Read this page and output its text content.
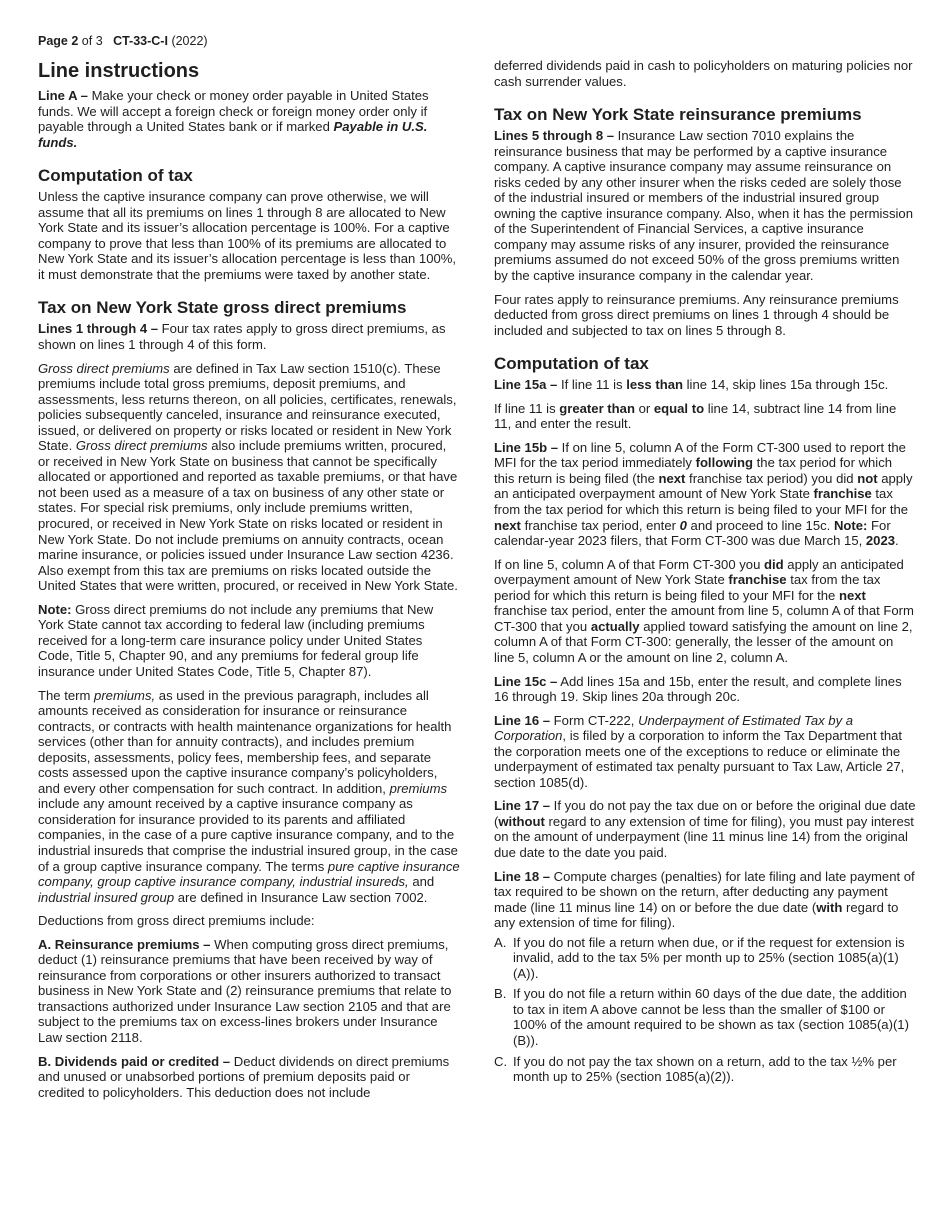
Page 2 of 3 CT-33-C-I (2022)
Line instructions

Line A – Make your check or money order payable in United States funds. We will accept a foreign check or foreign money order only if payable through a United States bank or if marked Payable in U.S. funds.

Computation of tax

Unless the captive insurance company can prove otherwise, we will assume that all its premiums on lines 1 through 8 are allocated to New York State and its issuer’s allocation percentage is 100%. For a captive company to prove that less than 100% of its premiums are allocated to New York State and its issuer’s allocation percentage is less than 100%, it must demonstrate that the premiums were taxed by another state.

Tax on New York State gross direct premiums

Lines 1 through 4 – Four tax rates apply to gross direct premiums, as shown on lines 1 through 4 of this form.

Gross direct premiums are defined in Tax Law section 1510(c). These premiums include total gross premiums, deposit premiums, and assessments, less returns thereon, on all policies, certificates, renewals, policies subsequently canceled, insurance and reinsurance executed, issued, or delivered on property or risks located or resident in New York State. Gross direct premiums also include premiums written, procured, or received in New York State on business that cannot be specifically allocated or apportioned and reported as taxable premiums, or that have not been used as a measure of a tax on business of any other state or states. For special risk premiums, only include premiums written, procured, or received in New York State on risks located or resident in New York State. Do not include premiums on annuity contracts, ocean marine insurance, or policies issued under Insurance Law section 4236. Also exempt from this tax are premiums on risks located outside the United States that were written, procured, or received in New York State.

Note: Gross direct premiums do not include any premiums that New York State cannot tax according to federal law (including premiums received for a long-term care insurance policy under United States Code, Title 5, Chapter 90, and any premiums for federal group life insurance under United States Code, Title 5, Chapter 87).

The term premiums, as used in the previous paragraph, includes all amounts received as consideration for insurance or reinsurance contracts, or contracts with health maintenance organizations for health services (other than for annuity contracts), and includes premium deposits, assessments, policy fees, membership fees, and separate costs assessed upon the captive insurance company’s policyholders, and every other compensation for such contract. In addition, premiums include any amount received by a captive insurance company as consideration for insurance provided to its parents and affiliated companies, in the case of a pure captive insurance company, and to the industrial insureds that comprise the industrial insured group, in the case of a group captive insurance company. The terms pure captive insurance company, group captive insurance company, industrial insureds, and industrial insured group are defined in Insurance Law section 7002.

Deductions from gross direct premiums include:

A. Reinsurance premiums – When computing gross direct premiums, deduct (1) reinsurance premiums that have been received by way of reinsurance from corporations or other insurers authorized to transact business in New York State and (2) reinsurance premiums that relate to transactions authorized under Insurance Law section 2105 and that are subject to the premiums tax on excess-lines brokers under Insurance Law section 2118.

B. Dividends paid or credited – Deduct dividends on direct premiums and unused or unabsorbed portions of premium deposits paid or credited to policyholders. This deduction does not include

deferred dividends paid in cash to policyholders on maturing policies nor cash surrender values.

Tax on New York State reinsurance premiums

Lines 5 through 8 – Insurance Law section 7010 explains the reinsurance business that may be performed by a captive insurance company. A captive insurance company may assume reinsurance on risks ceded by any other insurer when the risks ceded are solely those of the industrial insured or members of the industrial insured group owning the captive insurance company. Also, when it has the permission of the Superintendent of Financial Services, a captive insurance company may assume risks of any insurer, provided the reinsurance premiums assumed do not exceed 50% of the gross premiums written by the captive insurance company in the calendar year.

Four rates apply to reinsurance premiums. Any reinsurance premiums deducted from gross direct premiums on lines 1 through 4 should be included and subjected to tax on lines 5 through 8.

Computation of tax

Line 15a – If line 11 is less than line 14, skip lines 15a through 15c.

If line 11 is greater than or equal to line 14, subtract line 14 from line 11, and enter the result.

Line 15b – If on line 5, column A of the Form CT-300 used to report the MFI for the tax period immediately following the tax period for which this return is being filed (the next franchise tax period) you did not apply an anticipated overpayment amount of New York State franchise tax from the tax period for which this return is being filed to your MFI for the next franchise tax period, enter 0 and proceed to line 15c. Note: For calendar-year 2023 filers, that Form CT-300 was due March 15, 2023.

If on line 5, column A of that Form CT-300 you did apply an anticipated overpayment amount of New York State franchise tax from the tax period for which this return is being filed to your MFI for the next franchise tax period, enter the amount from line 5, column A of that Form CT-300 that you actually applied toward satisfying the amount on line 2, column A of that Form CT-300: generally, the lesser of the amount on line 5, column A or the amount on line 2, column A.

Line 15c – Add lines 15a and 15b, enter the result, and complete lines 16 through 19. Skip lines 20a through 20c.

Line 16 – Form CT-222, Underpayment of Estimated Tax by a Corporation, is filed by a corporation to inform the Tax Department that the corporation meets one of the exceptions to reduce or eliminate the underpayment of estimated tax penalty pursuant to Tax Law, Article 27, section 1085(d).

Line 17 – If you do not pay the tax due on or before the original due date (without regard to any extension of time for filing), you must pay interest on the amount of underpayment (line 11 minus line 14) from the original due date to the date you paid.

Line 18 – Compute charges (penalties) for late filing and late payment of tax required to be shown on the return, after deducting any payment made (line 11 minus line 14) on or before the due date (with regard to any extension of time for filing).

A. If you do not file a return when due, or if the request for extension is invalid, add to the tax 5% per month up to 25% (section 1085(a)(1)(A)).
B. If you do not file a return within 60 days of the due date, the addition to tax in item A above cannot be less than the smaller of $100 or 100% of the amount required to be shown as tax (section 1085(a)(1)(B)).
C. If you do not pay the tax shown on a return, add to the tax ½% per month up to 25% (section 1085(a)(2)).
